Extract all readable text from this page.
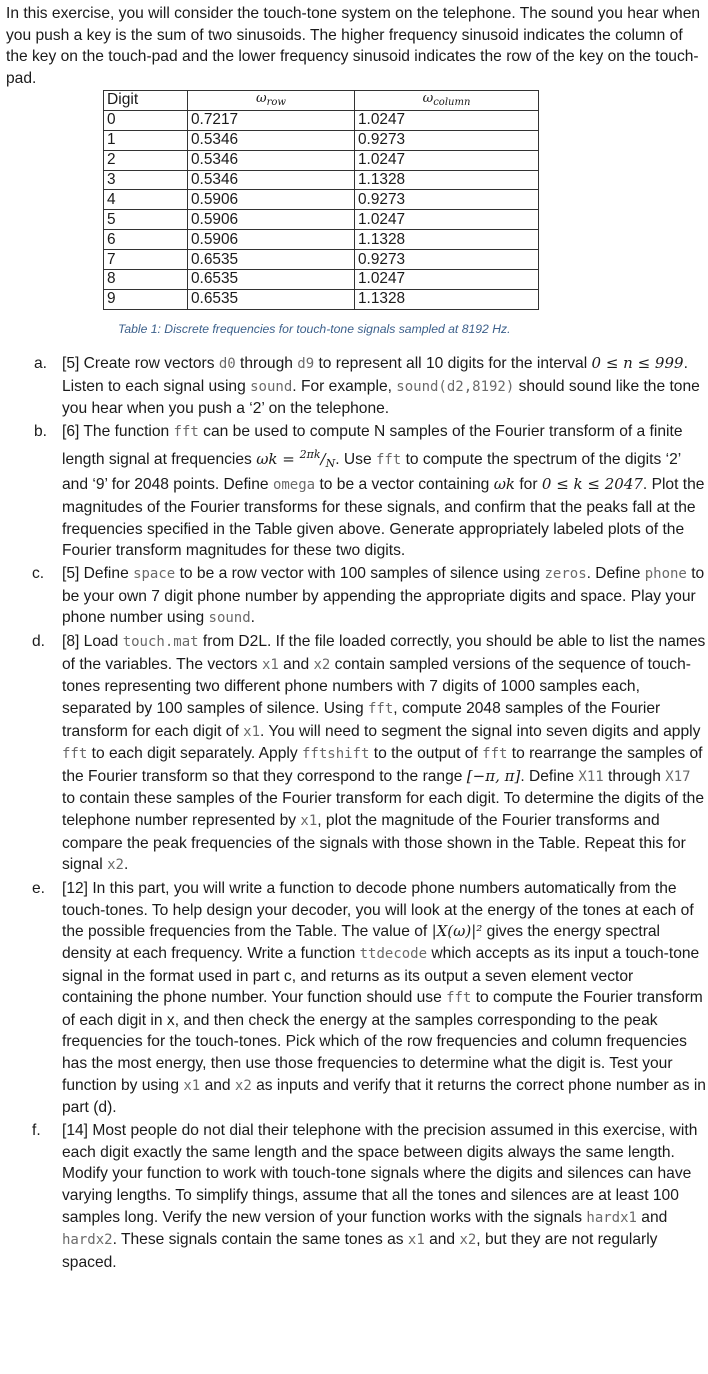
In this exercise, you will consider the touch-tone system on the telephone. The sound you hear when you push a key is the sum of two sinusoids. The higher frequency sinusoid indicates the column of the key on the touch-pad and the lower frequency sinusoid indicates the row of the key on the touch-pad.

Digit	$\omega_{row}$	$\omega_{column}$
0	0.7217	1.0247
1	0.5346	0.9273
2	0.5346	1.0247
3	0.5346	1.1328
4	0.5906	0.9273
5	0.5906	1.0247
6	0.5906	1.1328
7	0.6535	0.9273
8	0.6535	1.0247
9	0.6535	1.1328
Table 1: Discrete frequencies for touch-tone signals sampled at 8192 Hz.
a. [5] Create row vectors d0 through d9 to represent all 10 digits for the interval 0 ≤ n ≤ 999. Listen to each signal using sound. For example, sound(d2,8192) should sound like the tone you hear when you push a ‘2’ on the telephone.
b. [6] The function fft can be used to compute N samples of the Fourier transform of a finite length signal at frequencies $\omega k = ^{2\pi k}/_N$. Use fft to compute the spectrum of the digits ‘2’ and ‘9’ for 2048 points. Define omega to be a vector containing ωk for 0 ≤ k ≤ 2047. Plot the magnitudes of the Fourier transforms for these signals, and confirm that the peaks fall at the frequencies specified in the Table given above. Generate appropriately labeled plots of the Fourier transform magnitudes for these two digits.
c. [5] Define space to be a row vector with 100 samples of silence using zeros. Define phone to be your own 7 digit phone number by appending the appropriate digits and space. Play your phone number using sound.
d. [8] Load touch.mat from D2L. If the file loaded correctly, you should be able to list the names of the variables. The vectors x1 and x2 contain sampled versions of the sequence of touch-tones representing two different phone numbers with 7 digits of 1000 samples each, separated by 100 samples of silence. Using fft, compute 2048 samples of the Fourier transform for each digit of x1. You will need to segment the signal into seven digits and apply fft to each digit separately. Apply fftshift to the output of fft to rearrange the samples of the Fourier transform so that they correspond to the range [−π, π]. Define X11 through X17 to contain these samples of the Fourier transform for each digit. To determine the digits of the telephone number represented by x1, plot the magnitude of the Fourier transforms and compare the peak frequencies of the signals with those shown in the Table. Repeat this for signal x2.
e. [12] In this part, you will write a function to decode phone numbers automatically from the touch-tones. To help design your decoder, you will look at the energy of the tones at each of the possible frequencies from the Table. The value of |X(ω)|² gives the energy spectral density at each frequency. Write a function ttdecode which accepts as its input a touch-tone signal in the format used in part c, and returns as its output a seven element vector containing the phone number. Your function should use fft to compute the Fourier transform of each digit in x, and then check the energy at the samples corresponding to the peak frequencies for the touch-tones. Pick which of the row frequencies and column frequencies has the most energy, then use those frequencies to determine what the digit is. Test your function by using x1 and x2 as inputs and verify that it returns the correct phone number as in part (d).
f. [14] Most people do not dial their telephone with the precision assumed in this exercise, with each digit exactly the same length and the space between digits always the same length. Modify your function to work with touch-tone signals where the digits and silences can have varying lengths. To simplify things, assume that all the tones and silences are at least 100 samples long. Verify the new version of your function works with the signals hardx1 and hardx2. These signals contain the same tones as x1 and x2, but they are not regularly spaced.
